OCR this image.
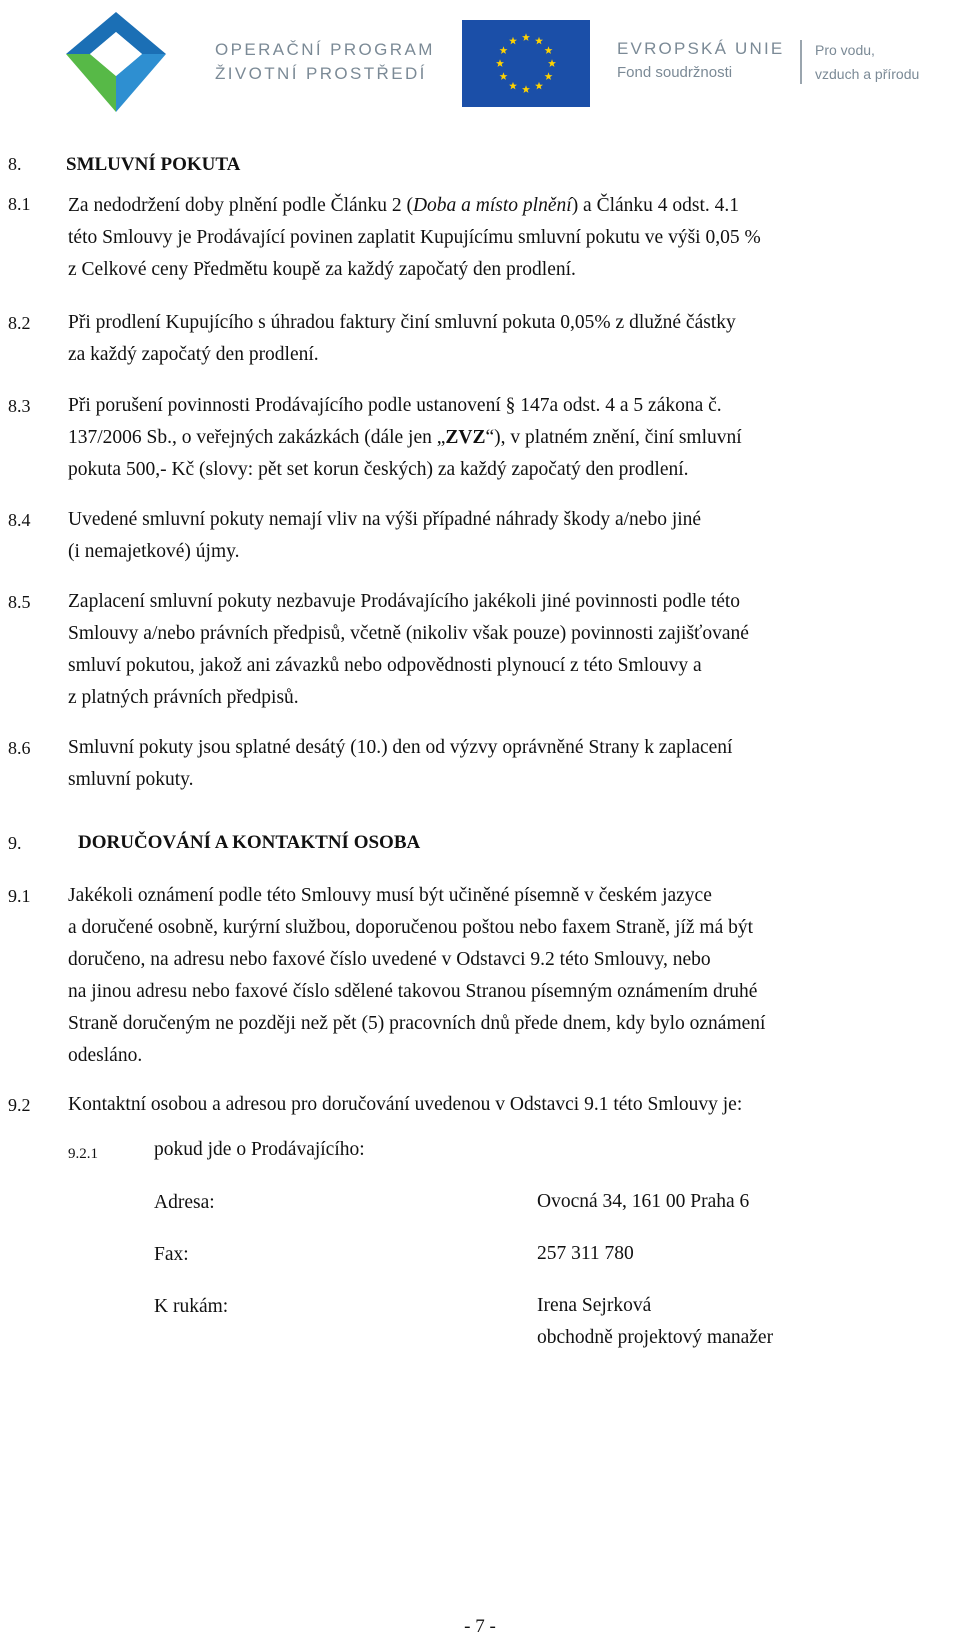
OPERAČNÍ PROGRAM
ŽIVOTNÍ PROSTŘEDÍ
EVROPSKÁ UNIE
Fond soudržnosti
Pro vodu,
vzduch a přírodu
8. SMLUVNÍ POKUTA
8.1 Za nedodržení doby plnění podle Článku 2 (Doba a místo plnění) a Článku 4 odst. 4.1
této Smlouvy je Prodávající povinen zaplatit Kupujícímu smluvní pokutu ve výši 0,05 %
z Celkové ceny Předmětu koupě za každý započatý den prodlení.
8.2 Při prodlení Kupujícího s úhradou faktury činí smluvní pokuta 0,05% z dlužné částky
za každý započatý den prodlení.
8.3 Při porušení povinnosti Prodávajícího podle ustanovení § 147a odst. 4 a 5 zákona č.
137/2006 Sb., o veřejných zakázkách (dále jen „ZVZ“), v platném znění, činí smluvní
pokuta 500,- Kč (slovy: pět set korun českých) za každý započatý den prodlení.
8.4 Uvedené smluvní pokuty nemají vliv na výši případné náhrady škody a/nebo jiné
(i nemajetkové) újmy.
8.5 Zaplacení smluvní pokuty nezbavuje Prodávajícího jakékoli jiné povinnosti podle této
Smlouvy a/nebo právních předpisů, včetně (nikoliv však pouze) povinnosti zajišťované
smluví pokutou, jakož ani závazků nebo odpovědnosti plynoucí z této Smlouvy a
z platných právních předpisů.
8.6 Smluvní pokuty jsou splatné desátý (10.) den od výzvy oprávněné Strany k zaplacení
smluvní pokuty.
9.	DORUČOVÁNÍ A KONTAKTNÍ OSOBA
9.1 Jakékoli oznámení podle této Smlouvy musí být učiněné písemně v českém jazyce
a doručené osobně, kurýrní službou, doporučenou poštou nebo faxem Straně, jíž má být
doručeno, na adresu nebo faxové číslo uvedené v Odstavci 9.2 této Smlouvy, nebo
na jinou adresu nebo faxové číslo sdělené takovou Stranou písemným oznámením druhé
Straně doručeným ne později než pět (5) pracovních dnů přede dnem, kdy bylo oznámení
odesláno.
9.2 Kontaktní osobou a adresou pro doručování uvedenou v Odstavci 9.1 této Smlouvy je:
9.2.1	pokud jde o Prodávajícího:
Adresa:	Ovocná 34, 161 00 Praha 6
Fax:	257 311 780
K rukám:	Irena Sejrková
obchodně projektový manažer
- 7 -
